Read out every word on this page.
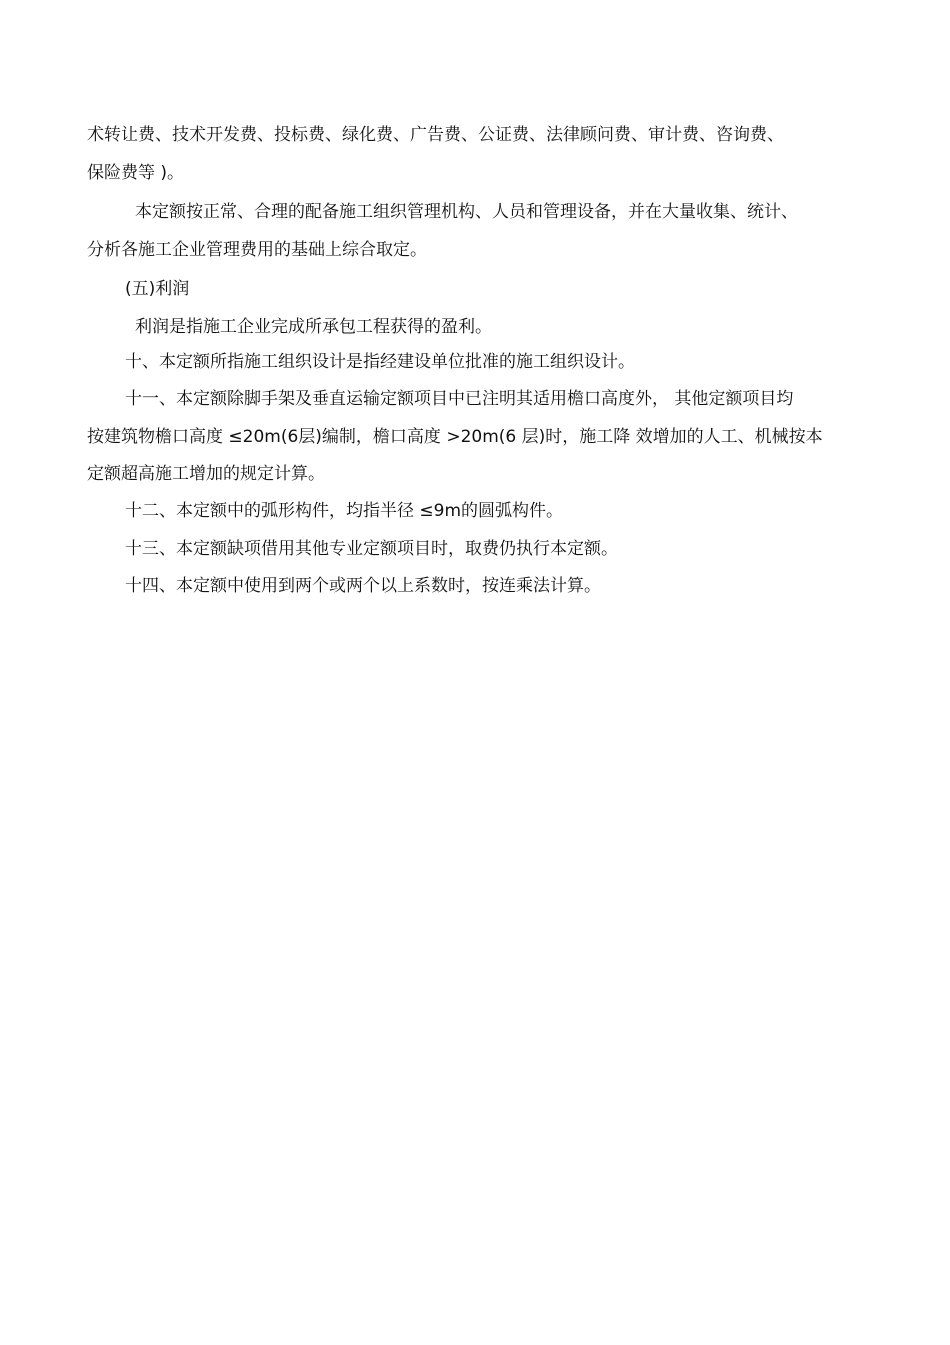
术转让费、技术开发费、投标费、绿化费、广告费、公证费、法律顾问费、审计费、咨询费、
保险费等 )。
本定额按正常、合理的配备施工组织管理机构、人员和管理设备，并在大量收集、统计、
分析各施工企业管理费用的基础上综合取定。
(五)利润
利润是指施工企业完成所承包工程获得的盈利。
十、本定额所指施工组织设计是指经建设单位批准的施工组织设计。
十一、本定额除脚手架及垂直运输定额项目中已注明其适用檐口高度外， 其他定额项目均
按建筑物檐口高度 ≤20m(6层)编制，檐口高度 >20m(6 层)时，施工降 效增加的人工、机械按本
定额超高施工增加的规定计算。
十二、本定额中的弧形构件，均指半径 ≤9m的圆弧构件。
十三、本定额缺项借用其他专业定额项目时，取费仍执行本定额。
十四、本定额中使用到两个或两个以上系数时，按连乘法计算。
